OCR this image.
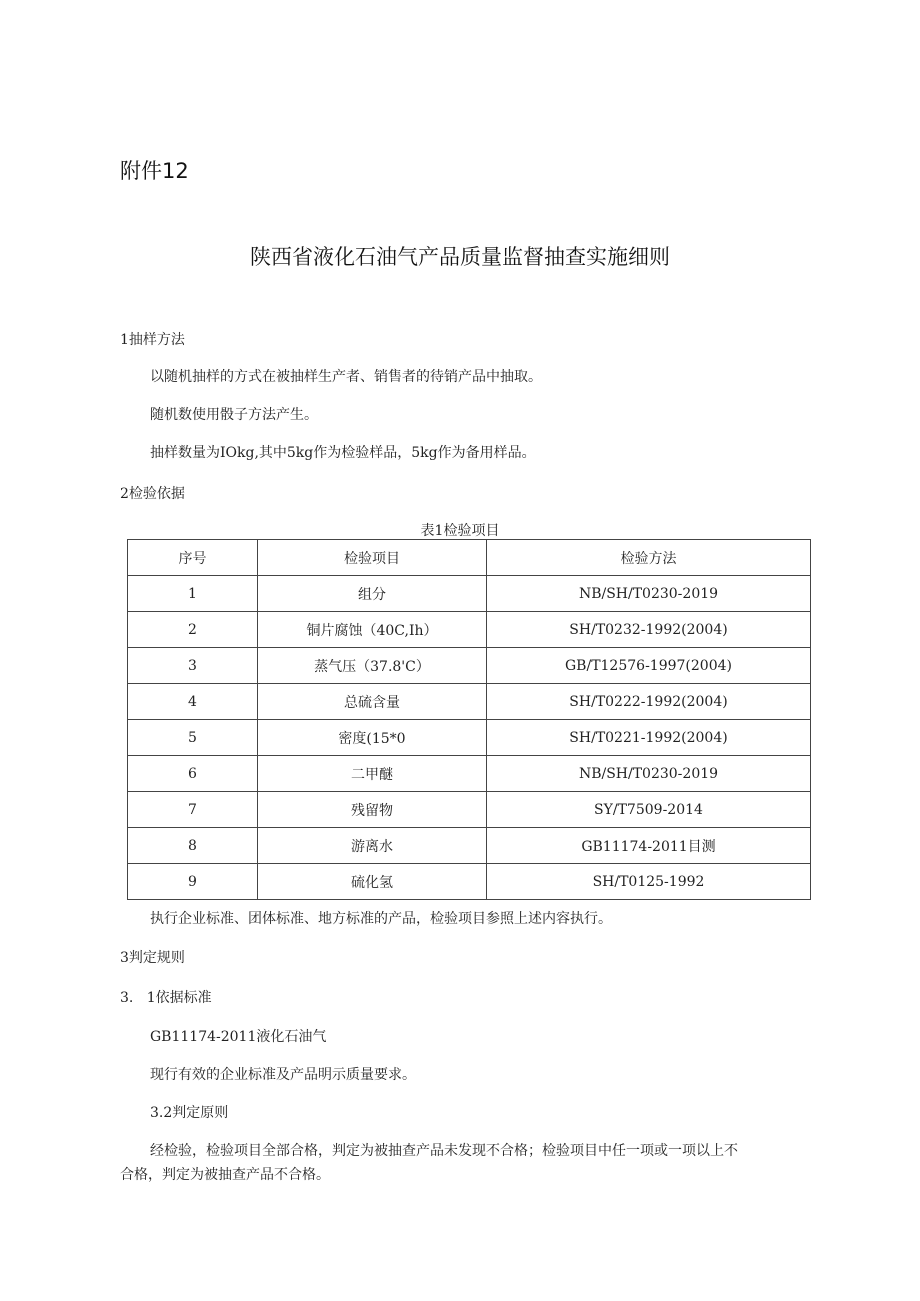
附件12
陕西省液化石油气产品质量监督抽查实施细则
1抽样方法
以随机抽样的方式在被抽样生产者、销售者的待销产品中抽取。
随机数使用骰子方法产生。
抽样数量为IOkg,其中5kg作为检验样品，5kg作为备用样品。
2检验依据
表1检验项目
序号	检验项目	检验方法
1	组分	NB/SH/T0230-2019
2	铜片腐蚀（40C,Ih）	SH/T0232-1992(2004)
3	蒸气压（37.8'C）	GB/T12576-1997(2004)
4	总硫含量	SH/T0222-1992(2004)
5	密度(15*0	SH/T0221-1992(2004)
6	二甲醚	NB/SH/T0230-2019
7	残留物	SY/T7509-2014
8	游离水	GB11174-2011目测
9	硫化氢	SH/T0125-1992
执行企业标准、团体标准、地方标准的产品，检验项目参照上述内容执行。
3判定规则
3.   1依据标准
GB11174-2011液化石油气
现行有效的企业标准及产品明示质量要求。
3.2判定原则
经检验，检验项目全部合格，判定为被抽查产品未发现不合格；检验项目中任一项或一项以上不
合格，判定为被抽查产品不合格。
